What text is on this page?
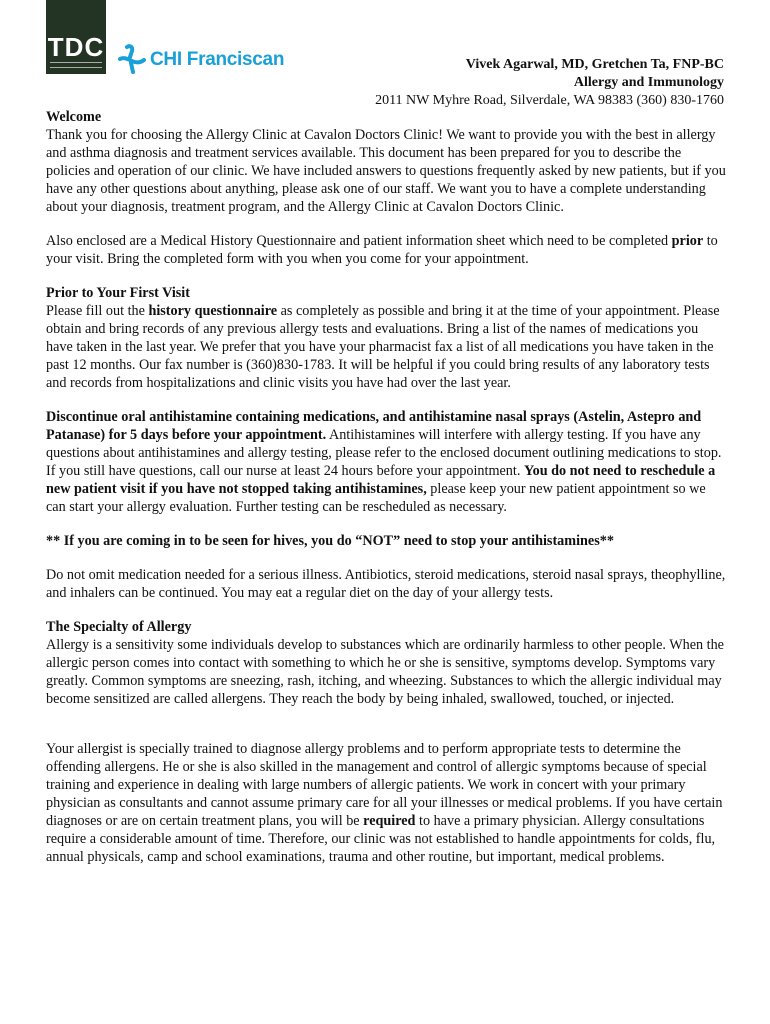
TDC CHI Franciscan	Vivek Agarwal, MD, Gretchen Ta, FNP-BC
Allergy and Immunology
2011 NW Myhre Road, Silverdale, WA 98383 (360) 830-1760

Welcome

Thank you for choosing the Allergy Clinic at Cavalon Doctors Clinic! We want to provide you with the best in allergy and asthma diagnosis and treatment services available. This document has been prepared for you to describe the policies and operation of our clinic. We have included answers to questions frequently asked by new patients, but if you have any other questions about anything, please ask one of our staff. We want you to have a complete understanding about your diagnosis, treatment program, and the Allergy Clinic at Cavalon Doctors Clinic.

Also enclosed are a Medical History Questionnaire and patient information sheet which need to be completed prior to your visit. Bring the completed form with you when you come for your appointment.

Prior to Your First Visit

Please fill out the history questionnaire as completely as possible and bring it at the time of your appointment. Please obtain and bring records of any previous allergy tests and evaluations. Bring a list of the names of medications you have taken in the last year. We prefer that you have your pharmacist fax a list of all medications you have taken in the past 12 months. Our fax number is (360)830-1783. It will be helpful if you could bring results of any laboratory tests and records from hospitalizations and clinic visits you have had over the last year.

Discontinue oral antihistamine containing medications, and antihistamine nasal sprays (Astelin, Astepro and Patanase) for 5 days before your appointment. Antihistamines will interfere with allergy testing. If you have any questions about antihistamines and allergy testing, please refer to the enclosed document outlining medications to stop. If you still have questions, call our nurse at least 24 hours before your appointment. You do not need to reschedule a new patient visit if you have not stopped taking antihistamines, please keep your new patient appointment so we can start your allergy evaluation. Further testing can be rescheduled as necessary.

** If you are coming in to be seen for hives, you do “NOT” need to stop your antihistamines**

Do not omit medication needed for a serious illness. Antibiotics, steroid medications, steroid nasal sprays, theophylline, and inhalers can be continued. You may eat a regular diet on the day of your allergy tests.

The Specialty of Allergy

Allergy is a sensitivity some individuals develop to substances which are ordinarily harmless to other people. When the allergic person comes into contact with something to which he or she is sensitive, symptoms develop. Symptoms vary greatly. Common symptoms are sneezing, rash, itching, and wheezing. Substances to which the allergic individual may become sensitized are called allergens. They reach the body by being inhaled, swallowed, touched, or injected.

Your allergist is specially trained to diagnose allergy problems and to perform appropriate tests to determine the offending allergens. He or she is also skilled in the management and control of allergic symptoms because of special training and experience in dealing with large numbers of allergic patients. We work in concert with your primary physician as consultants and cannot assume primary care for all your illnesses or medical problems. If you have certain diagnoses or are on certain treatment plans, you will be required to have a primary physician. Allergy consultations require a considerable amount of time. Therefore, our clinic was not established to handle appointments for colds, flu, annual physicals, camp and school examinations, trauma and other routine, but important, medical problems.
